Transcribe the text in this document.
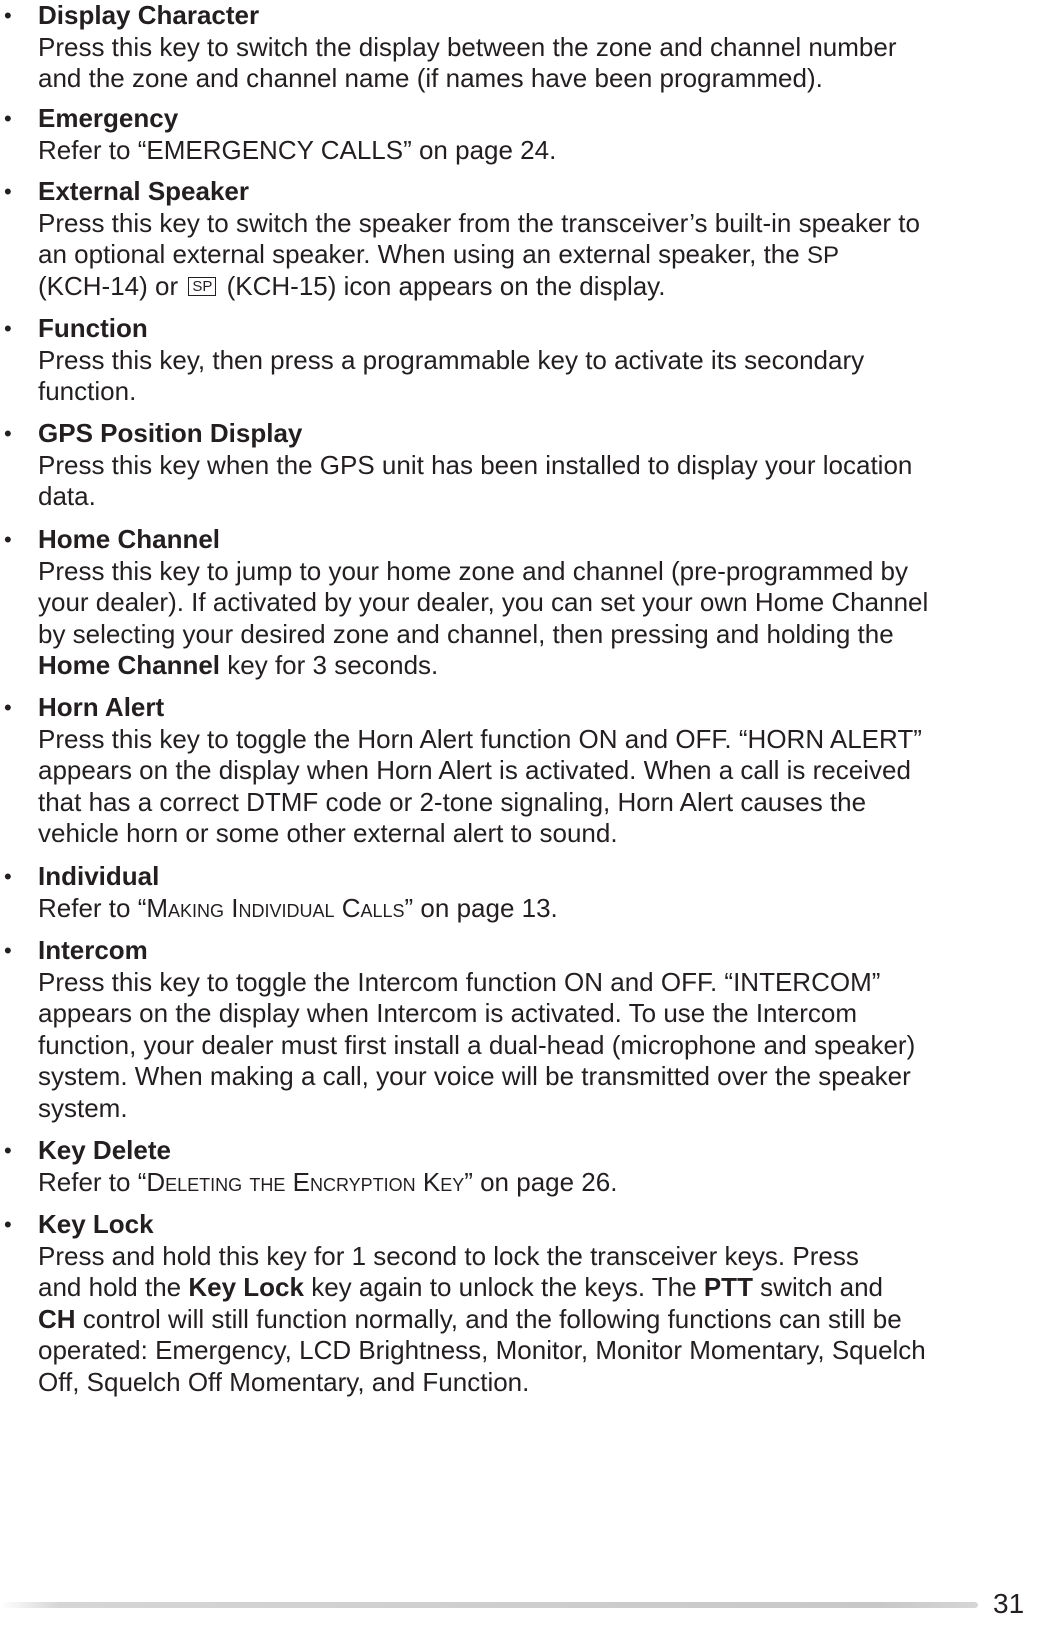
•	Display Character
Press this key to switch the display between the zone and channel number
and the zone and channel name (if names have been programmed).
•	Emergency
Refer to “EMERGENCY CALLS” on page 24.
•	External Speaker
Press this key to switch the speaker from the transceiver’s built-in speaker to
an optional external speaker. When using an external speaker, the SP
(KCH-14) or SP (KCH-15) icon appears on the display.
•	Function
Press this key, then press a programmable key to activate its secondary
function.
•	GPS Position Display
Press this key when the GPS unit has been installed to display your location
data.
•	Home Channel
Press this key to jump to your home zone and channel (pre-programmed by
your dealer). If activated by your dealer, you can set your own Home Channel
by selecting your desired zone and channel, then pressing and holding the
Home Channel key for 3 seconds.
•	Horn Alert
Press this key to toggle the Horn Alert function ON and OFF. “HORN ALERT”
appears on the display when Horn Alert is activated. When a call is received
that has a correct DTMF code or 2-tone signaling, Horn Alert causes the
vehicle horn or some other external alert to sound.
•	Individual
Refer to “Making Individual Calls” on page 13.
•	Intercom
Press this key to toggle the Intercom function ON and OFF. “INTERCOM”
appears on the display when Intercom is activated. To use the Intercom
function, your dealer must first install a dual-head (microphone and speaker)
system. When making a call, your voice will be transmitted over the speaker
system.
•	Key Delete
Refer to “Deleting the Encryption Key” on page 26.
•	Key Lock
Press and hold this key for 1 second to lock the transceiver keys. Press
and hold the Key Lock key again to unlock the keys. The PTT switch and
CH control will still function normally, and the following functions can still be
operated: Emergency, LCD Brightness, Monitor, Monitor Momentary, Squelch
Off, Squelch Off Momentary, and Function.
31
